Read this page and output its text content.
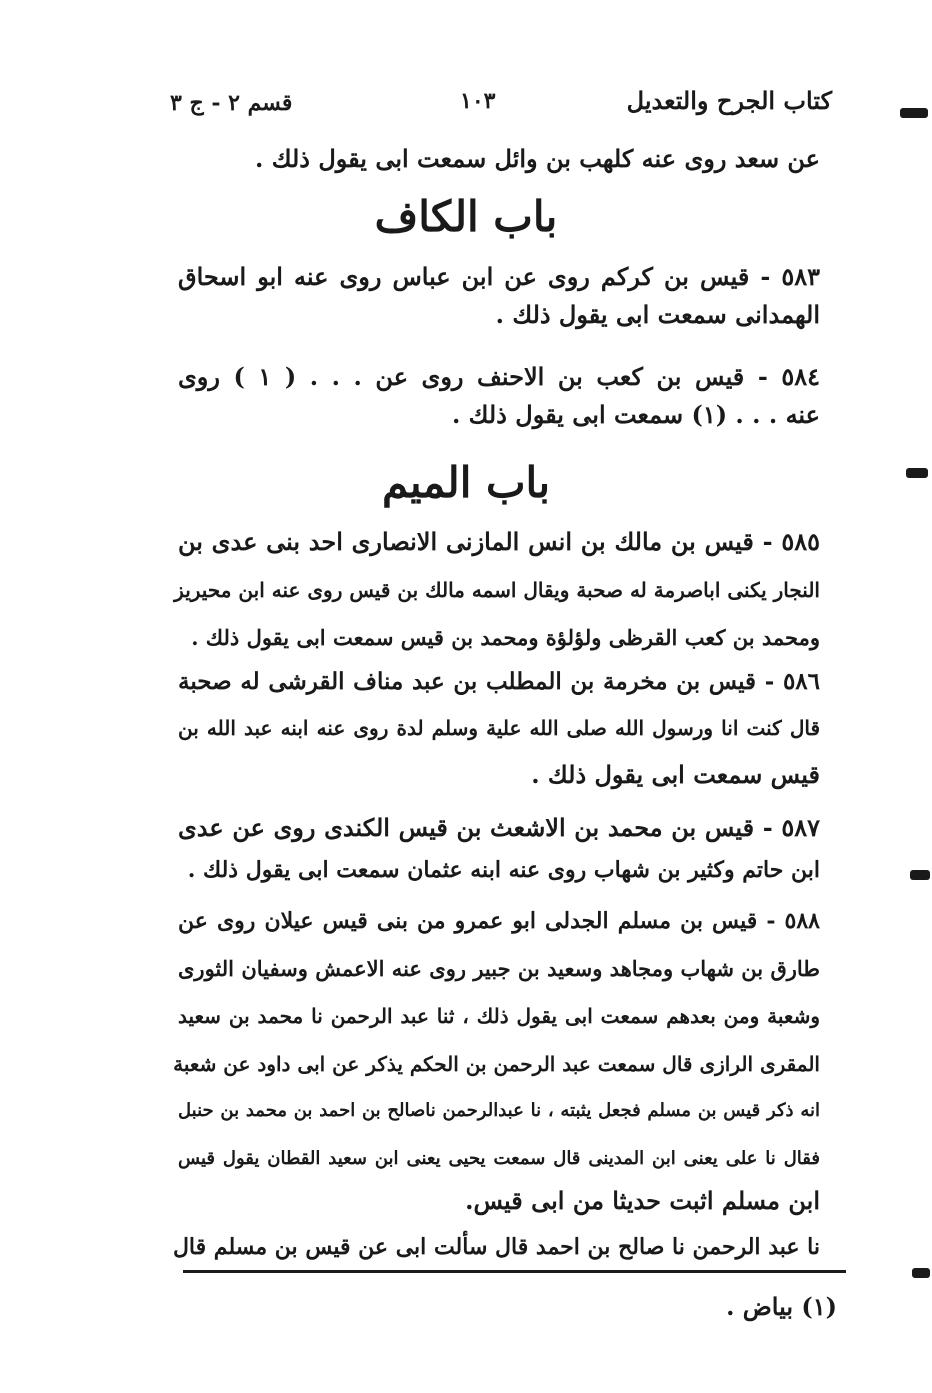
كتاب الجرح والتعديل
١٠٣
قسم ٢ - ج ٣
عن سعد روى عنه كلهب بن وائل سمعت ابى يقول ذلك .
باب الكاف
٥٨٣ - قيس بن كركم روى عن ابن عباس روى عنه ابو اسحاق
الهمدانى سمعت ابى يقول ذلك .
٥٨٤ - قيس بن كعب بن الاحنف روى عن . . . ( ١ ) روى
عنه . . . (١) سمعت ابى يقول ذلك .
باب الميم
٥٨٥ - قيس بن مالك بن انس المازنى الانصارى احد بنى عدى بن
النجار يكنى اباصرمة له صحبة ويقال اسمه مالك بن قيس روى عنه ابن محيريز
ومحمد بن كعب القرظى ولؤلؤة ومحمد بن قيس سمعت ابى يقول ذلك .
٥٨٦ - قيس بن مخرمة بن المطلب بن عبد مناف القرشى له صحبة
قال كنت انا ورسول الله صلى الله علية وسلم لدة روى عنه ابنه عبد الله بن
قيس سمعت ابى يقول ذلك .
٥٨٧ - قيس بن محمد بن الاشعث بن قيس الكندى روى عن عدى
ابن حاتم وكثير بن شهاب روى عنه ابنه عثمان سمعت ابى يقول ذلك .
٥٨٨ - قيس بن مسلم الجدلى ابو عمرو من بنى قيس عيلان روى عن
طارق بن شهاب ومجاهد وسعيد بن جبير روى عنه الاعمش وسفيان الثورى
وشعبة ومن بعدهم سمعت ابى يقول ذلك ، ثنا عبد الرحمن نا محمد بن سعيد
المقرى الرازى قال سمعت عبد الرحمن بن الحكم يذكر عن ابى داود عن شعبة
انه ذكر قيس بن مسلم فجعل يثبته ، نا عبدالرحمن ناصالح بن احمد بن محمد بن حنبل
فقال نا على يعنى ابن المدينى قال سمعت يحيى يعنى ابن سعيد القطان يقول قيس
ابن مسلم اثبت حديثا من ابى قيس.
نا عبد الرحمن نا صالح بن احمد قال سألت ابى عن قيس بن مسلم قال
(١) بياض .
